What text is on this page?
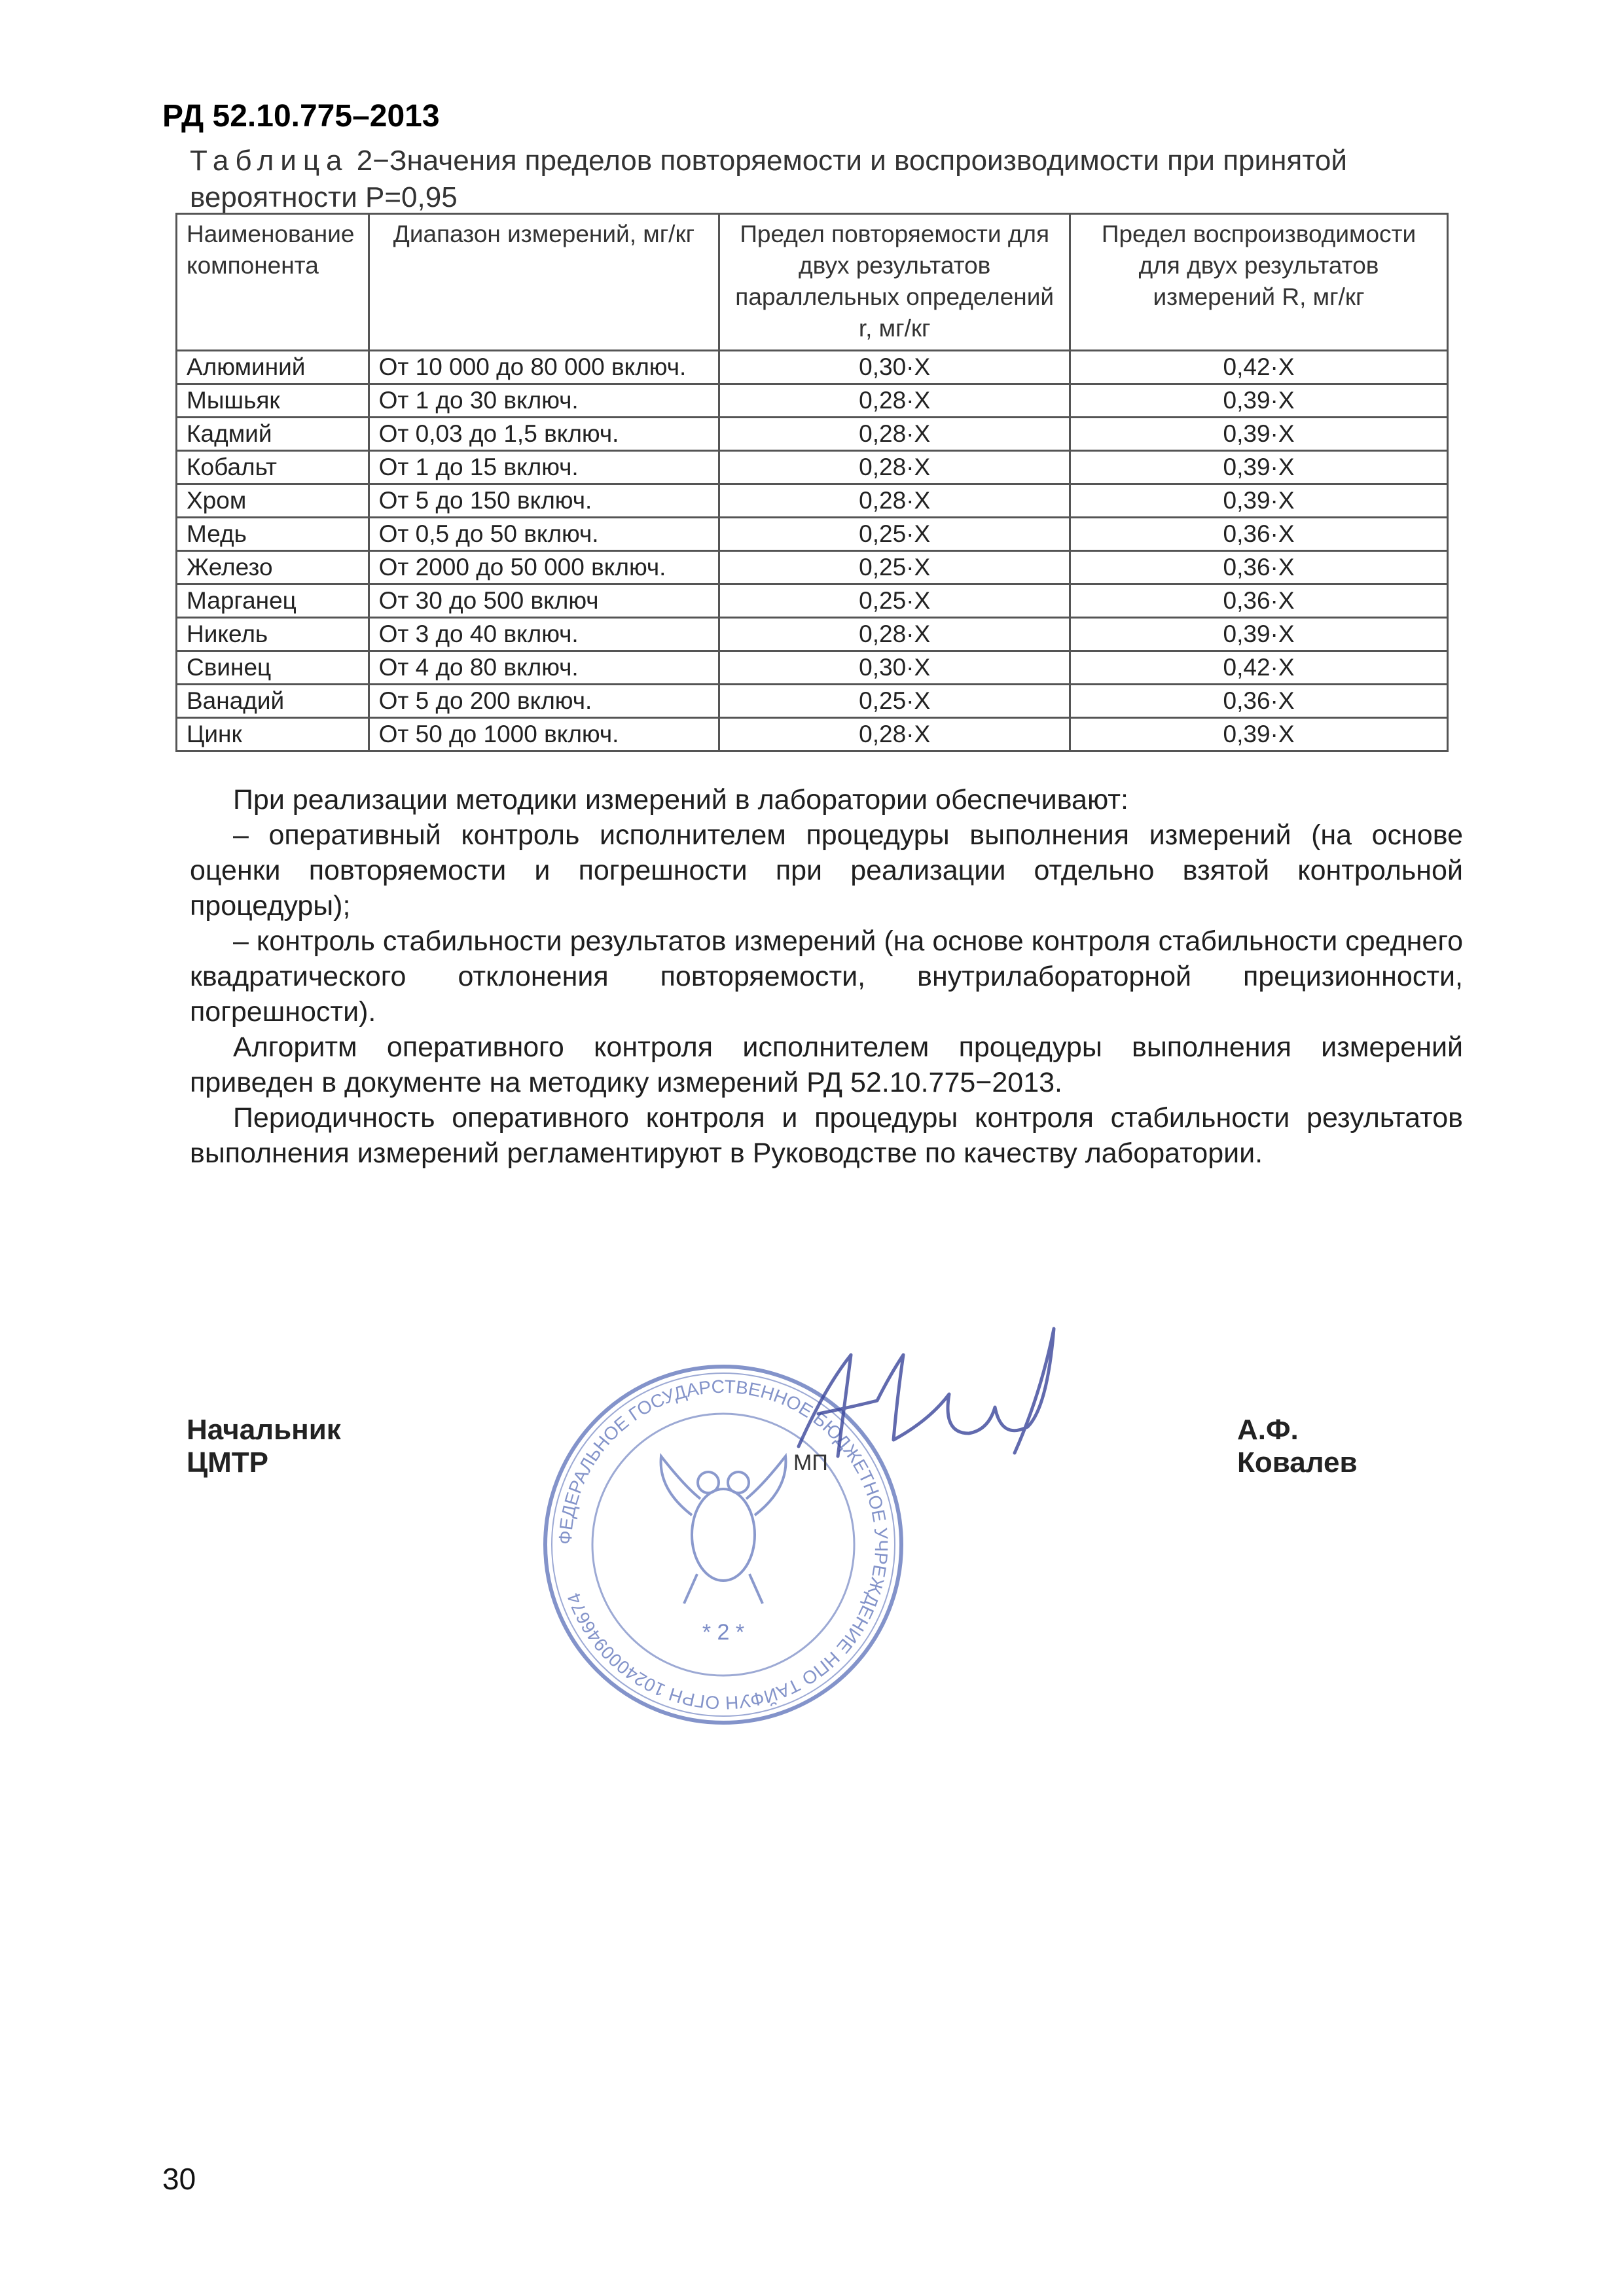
РД 52.10.775–2013
Таблица 2−Значения пределов повторяемости и воспроизводимости при принятой вероятности Р=0,95
Наименование компонента	Диапазон измерений, мг/кг	Предел повторяемости для двух результатов параллельных определений r, мг/кг	Предел воспроизводимости для двух результатов измерений R, мг/кг
Алюминий	От 10 000 до 80 000 включ.	0,30·Х	0,42·Х
Мышьяк	От 1 до 30 включ.	0,28·Х	0,39·Х
Кадмий	От 0,03 до 1,5 включ.	0,28·Х	0,39·Х
Кобальт	От 1 до 15 включ.	0,28·Х	0,39·Х
Хром	От 5 до 150 включ.	0,28·Х	0,39·Х
Медь	От 0,5 до 50 включ.	0,25·Х	0,36·Х
Железо	От 2000 до 50 000 включ.	0,25·Х	0,36·Х
Марганец	От 30 до 500 включ	0,25·Х	0,36·Х
Никель	От 3 до 40 включ.	0,28·Х	0,39·Х
Свинец	От 4 до 80 включ.	0,30·Х	0,42·Х
Ванадий	От 5 до 200 включ.	0,25·Х	0,36·Х
Цинк	От 50 до 1000 включ.	0,28·Х	0,39·Х

При реализации методики измерений в лаборатории обеспечивают:

– оперативный контроль исполнителем процедуры выполнения измерений (на основе оценки повторяемости и погрешности при реализации отдельно взятой контрольной процедуры);

– контроль стабильности результатов измерений (на основе контроля стабильности среднего квадратического отклонения повторяемости, внутрилабораторной прецизионности, погрешности).

Алгоритм оперативного контроля исполнителем процедуры выполнения измерений приведен в документе на методику измерений РД 52.10.775−2013.

Периодичность оперативного контроля и процедуры контроля стабильности результатов выполнения измерений регламентируют в Руководстве по качеству лаборатории.

Начальник ЦМТР
ФЕДЕРАЛЬНОЕ ГОСУДАРСТВЕННОЕ БЮДЖЕТНОЕ УЧРЕЖДЕНИЕ НПО ТАЙФУН ОГРН 1024000946674
* 2 *
МП
А.Ф. Ковалев
30
